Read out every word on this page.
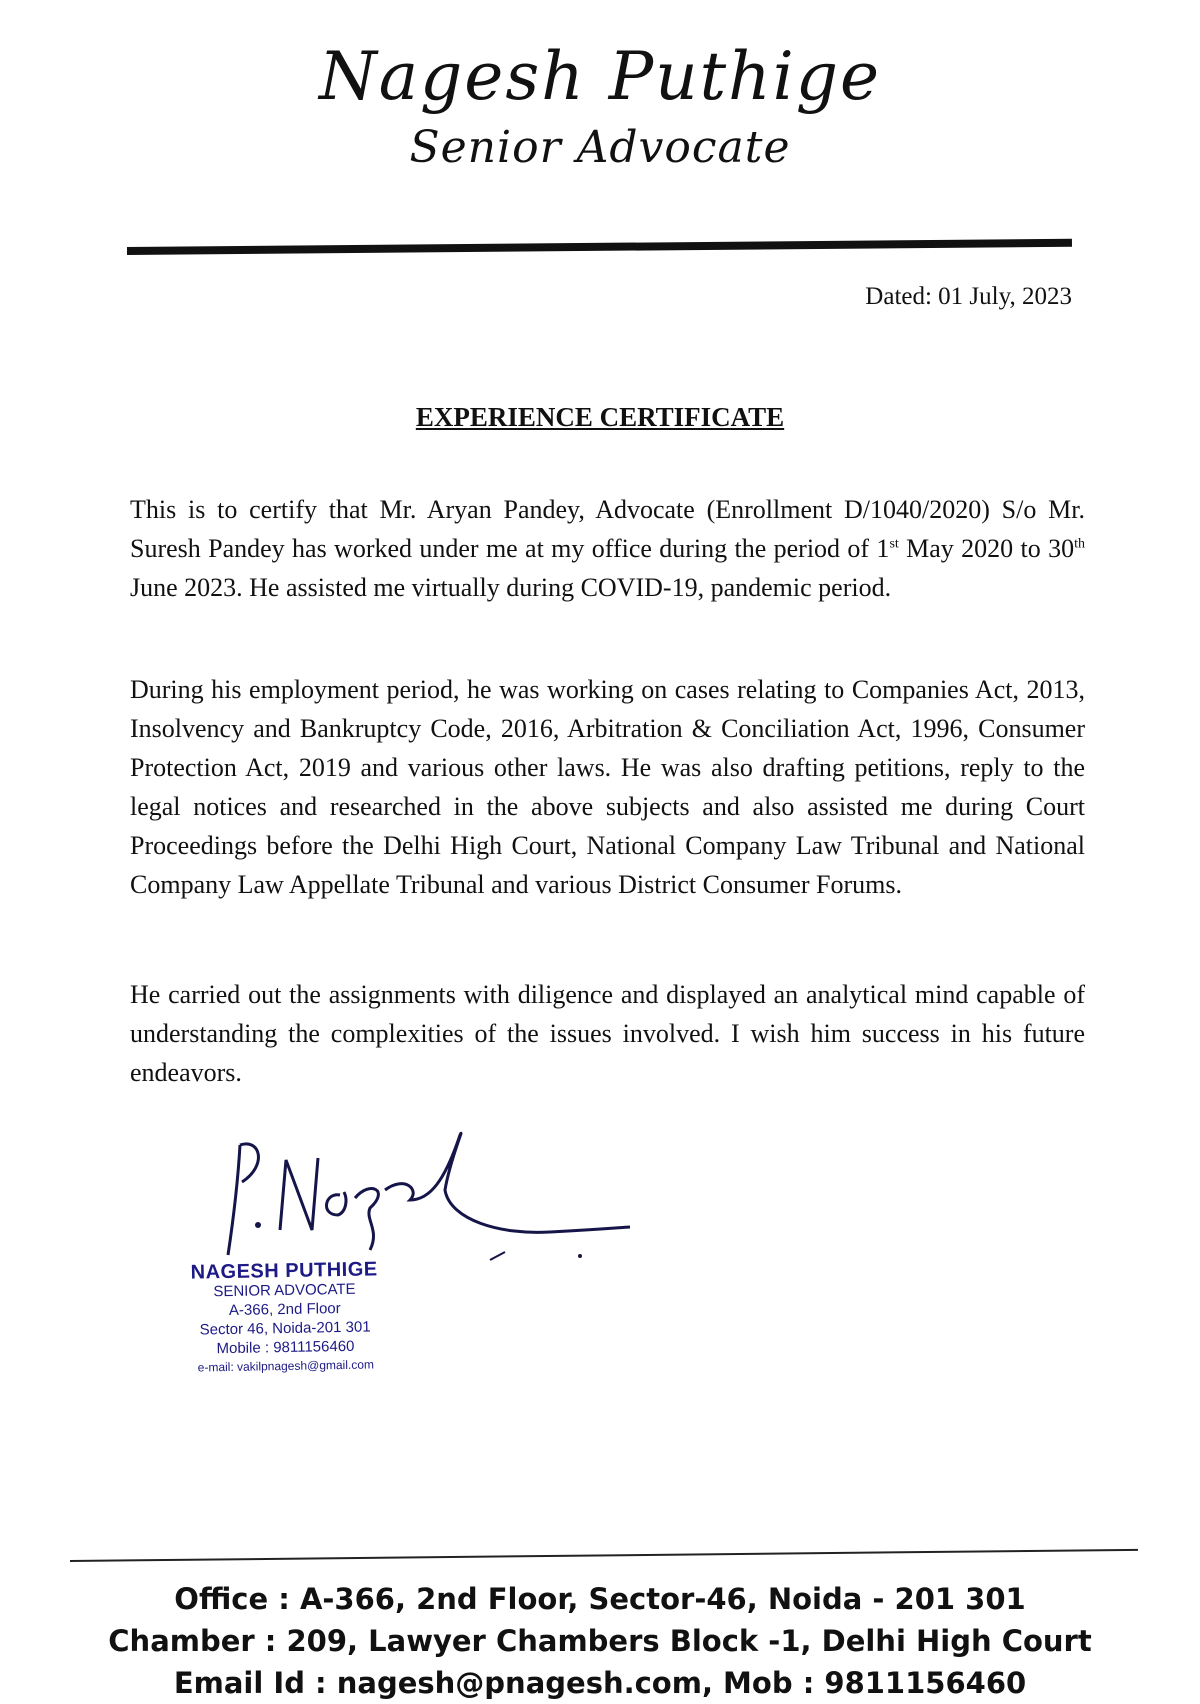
Nagesh Puthige
Senior Advocate
Dated: 01 July, 2023
EXPERIENCE CERTIFICATE

This is to certify that Mr. Aryan Pandey, Advocate (Enrollment D/1040/2020) S/o Mr. Suresh Pandey has worked under me at my office during the period of 1st May 2020 to 30th June 2023. He assisted me virtually during COVID-19, pandemic period.

During his employment period, he was working on cases relating to Companies Act, 2013, Insolvency and Bankruptcy Code, 2016, Arbitration & Conciliation Act, 1996, Consumer Protection Act, 2019 and various other laws. He was also drafting petitions, reply to the legal notices and researched in the above subjects and also assisted me during Court Proceedings before the Delhi High Court, National Company Law Tribunal and National Company Law Appellate Tribunal and various District Consumer Forums.

He carried out the assignments with diligence and displayed an analytical mind capable of understanding the complexities of the issues involved. I wish him success in his future endeavors.

NAGESH PUTHIGE
SENIOR ADVOCATE
A-366, 2nd Floor
Sector 46, Noida-201 301
Mobile : 9811156460
e-mail: vakilpnagesh@gmail.com
Office : A-366, 2nd Floor, Sector-46, Noida - 201 301
Chamber : 209, Lawyer Chambers Block -1, Delhi High Court
Email Id : nagesh@pnagesh.com, Mob : 9811156460
